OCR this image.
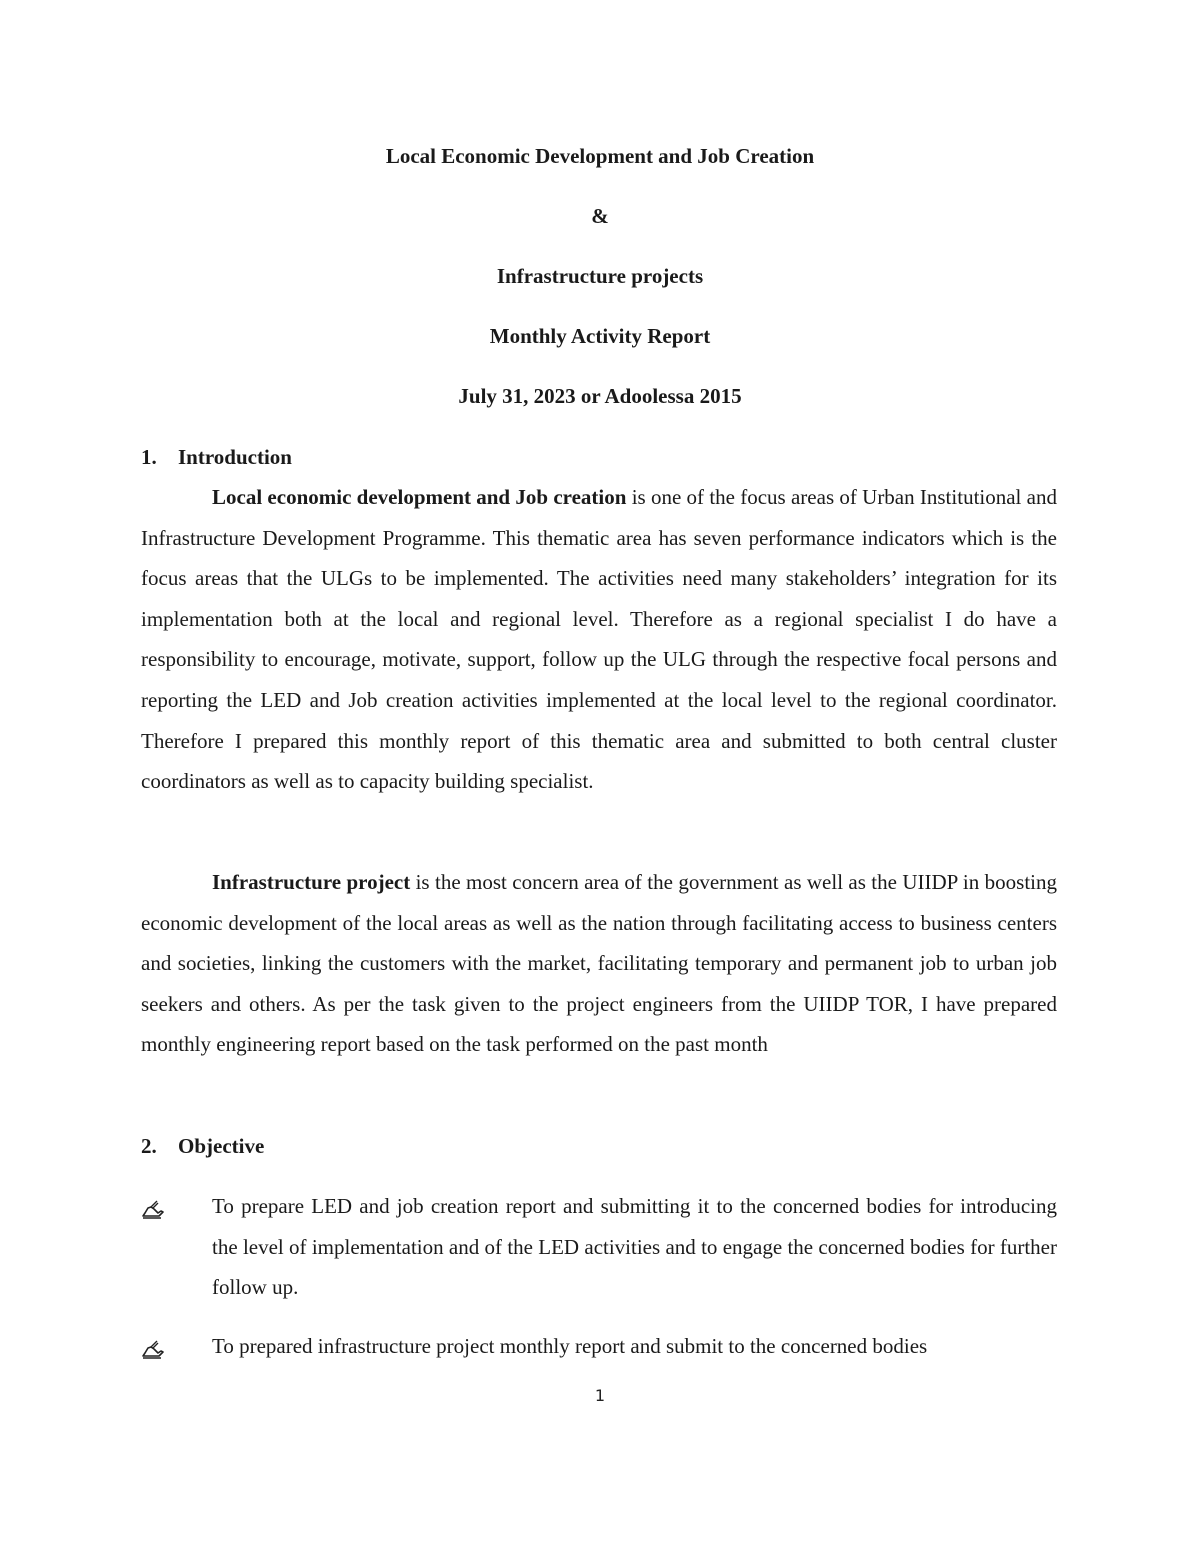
Local Economic Development and Job Creation
&
Infrastructure projects
Monthly Activity Report
July 31, 2023 or Adoolessa 2015
1. Introduction
Local economic development and Job creation is one of the focus areas of Urban Institutional and Infrastructure Development Programme. This thematic area has seven performance indicators which is the focus areas that the ULGs to be implemented. The activities need many stakeholders’ integration for its implementation both at the local and regional level. Therefore as a regional specialist I do have a responsibility to encourage, motivate, support, follow up the ULG through the respective focal persons and reporting the LED and Job creation activities implemented at the local level to the regional coordinator. Therefore I prepared this monthly report of this thematic area and submitted to both central cluster coordinators as well as to capacity building specialist.
Infrastructure project is the most concern area of the government as well as the UIIDP in boosting economic development of the local areas as well as the nation through facilitating access to business centers and societies, linking the customers with the market, facilitating temporary and permanent job to urban job seekers and others. As per the task given to the project engineers from the UIIDP TOR, I have prepared monthly engineering report based on the task performed on the past month
2. Objective
To prepare LED and job creation report and submitting it to the concerned bodies for introducing the level of implementation and of the LED activities and to engage the concerned bodies for further follow up.
To prepared infrastructure project monthly report and submit to the concerned bodies
1
